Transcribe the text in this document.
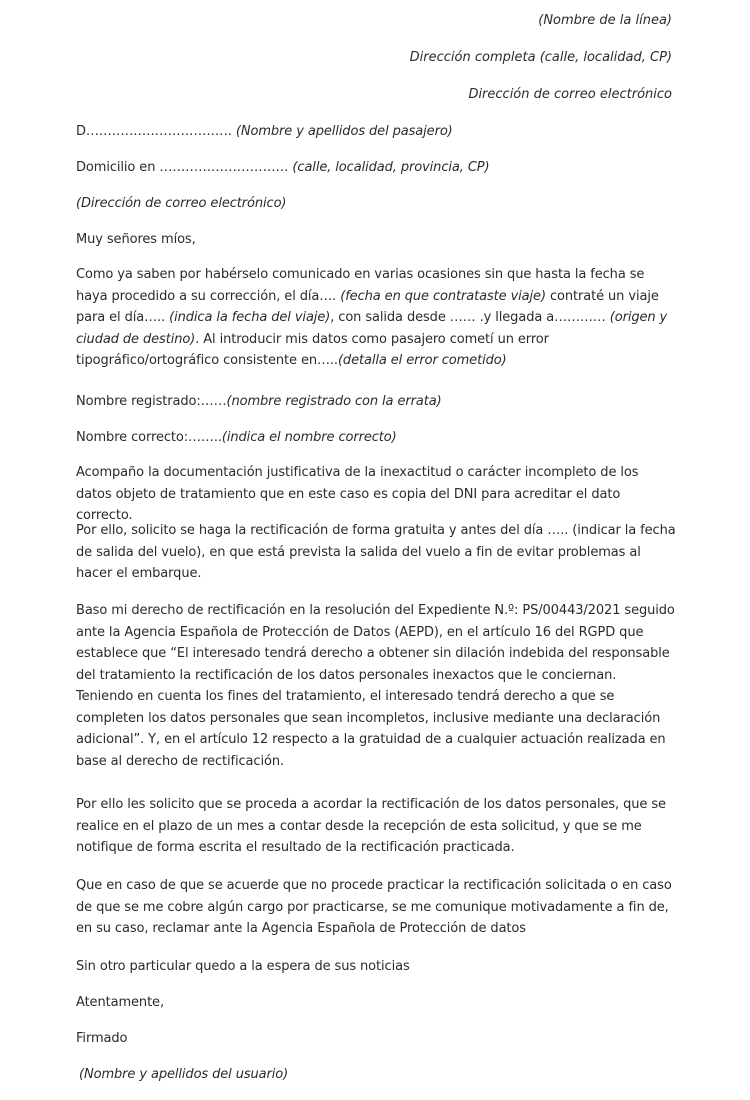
(Nombre de la línea)
Dirección completa (calle, localidad, CP)
Dirección de correo electrónico

D……………………………. (Nombre y apellidos del pasajero)

Domicilio en ………………………… (calle, localidad, provincia, CP)

(Dirección de correo electrónico)

Muy señores míos,

Como ya saben por habérselo comunicado en varias ocasiones sin que hasta la fecha se haya procedido a su corrección, el día…. (fecha en que contrataste viaje) contraté un viaje para el día….. (indica la fecha del viaje), con salida desde …… .y llegada a………… (origen y ciudad de destino). Al introducir mis datos como pasajero cometí un error tipográfico/ortográfico consistente en…..(detalla el error cometido)

Nombre registrado:……(nombre registrado con la errata)

Nombre correcto:……..(indica el nombre correcto)

Acompaño la documentación justificativa de la inexactitud o carácter incompleto de los datos objeto de tratamiento que en este caso es copia del DNI para acreditar el dato correcto.

Por ello, solicito se haga la rectificación de forma gratuita y antes del día ….. (indicar la fecha de salida del vuelo), en que está prevista la salida del vuelo a fin de evitar problemas al hacer el embarque.

Baso mi derecho de rectificación en la resolución del Expediente N.º: PS/00443/2021 seguido ante la Agencia Española de Protección de Datos (AEPD), en el artículo 16 del RGPD que establece que “El interesado tendrá derecho a obtener sin dilación indebida del responsable del tratamiento la rectificación de los datos personales inexactos que le conciernan. Teniendo en cuenta los fines del tratamiento, el interesado tendrá derecho a que se completen los datos personales que sean incompletos, inclusive mediante una declaración adicional”. Y, en el artículo 12 respecto a la gratuidad de a cualquier actuación realizada en base al derecho de rectificación.

Por ello les solicito que se proceda a acordar la rectificación de los datos personales, que se realice en el plazo de un mes a contar desde la recepción de esta solicitud, y que se me notifique de forma escrita el resultado de la rectificación practicada.

Que en caso de que se acuerde que no procede practicar la rectificación solicitada o en caso de que se me cobre algún cargo por practicarse, se me comunique motivadamente a fin de, en su caso, reclamar ante la Agencia Española de Protección de datos

Sin otro particular quedo a la espera de sus noticias

Atentamente,

Firmado

(Nombre y apellidos del usuario)
